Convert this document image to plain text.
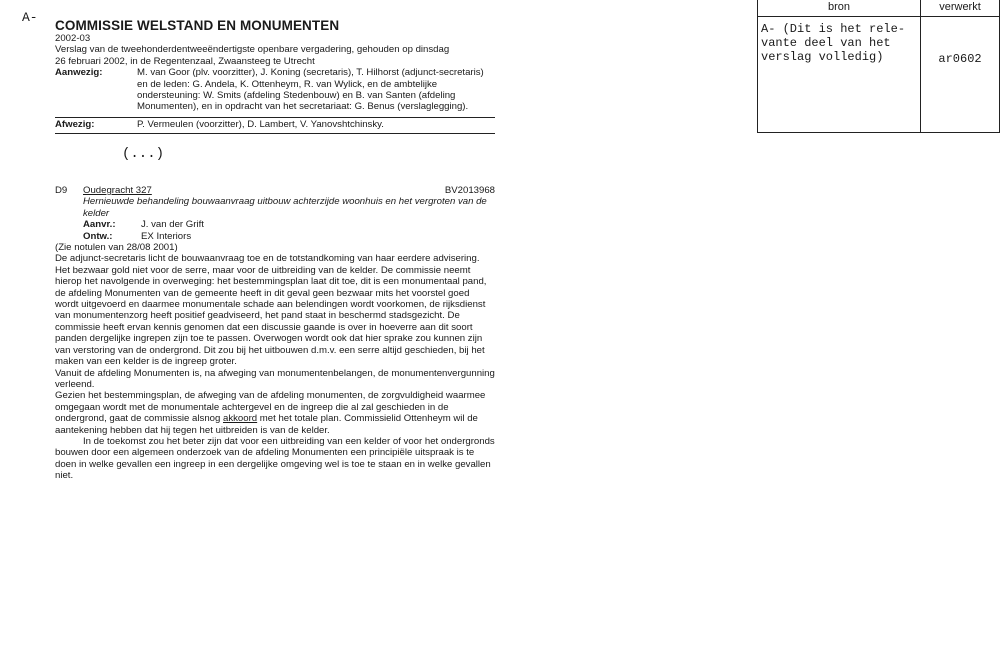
A-
COMMISSIE WELSTAND EN MONUMENTEN
2002-03
Verslag van de tweehonderdentweeëndertigste openbare vergadering, gehouden op dinsdag
26 februari 2002, in de Regentenzaal, Zwaansteeg te Utrecht
Aanwezig:	M. van Goor (plv. voorzitter), J. Koning (secretaris), T. Hilhorst (adjunct-secretaris) en de leden: G. Andela, K. Ottenheym, R. van Wylick, en de ambtelijke ondersteuning: W. Smits (afdeling Stedenbouw) en B. van Santen (afdeling Monumenten), en in opdracht van het secretariaat: G. Benus (verslaglegging).
Afwezig:	P. Vermeulen (voorzitter), D. Lambert, V. Yanovshtchinsky.
(...)
D9	Oudegracht 327	BV2013968
Hernieuwde behandeling bouwaanvraag uitbouw achterzijde woonhuis en het vergroten van de kelder
Aanvr.:	J. van der Grift
Ontw.:	EX Interiors

(Zie notulen van 28/08 2001)

De adjunct-secretaris licht de bouwaanvraag toe en de totstandkoming van haar eerdere advisering. Het bezwaar gold niet voor de serre, maar voor de uitbreiding van de kelder. De commissie neemt hierop het navolgende in overweging: het bestemmingsplan laat dit toe, dit is een monumentaal pand, de afdeling Monumenten van de gemeente heeft in dit geval geen bezwaar mits het voorstel goed wordt uitgevoerd en daarmee monumentale schade aan belendingen wordt voorkomen, de rijksdienst van monumentenzorg heeft positief geadviseerd, het pand staat in beschermd stadsgezicht. De commissie heeft ervan kennis genomen dat een discussie gaande is over in hoeverre aan dit soort panden dergelijke ingrepen zijn toe te passen. Overwogen wordt ook dat hier sprake zou kunnen zijn van verstoring van de ondergrond. Dit zou bij het uitbouwen d.m.v. een serre altijd geschieden, bij het maken van een kelder is de ingreep groter.

Vanuit de afdeling Monumenten is, na afweging van monumentenbelangen, de monumentenvergunning verleend.

Gezien het bestemmingsplan, de afweging van de afdeling monumenten, de zorgvuldigheid waarmee omgegaan wordt met de monumentale achtergevel en de ingreep die al zal geschieden in de ondergrond, gaat de commissie alsnog akkoord met het totale plan. Commissielid Ottenheym wil de aantekening hebben dat hij tegen het uitbreiden is van de kelder.

In de toekomst zou het beter zijn dat voor een uitbreiding van een kelder of voor het ondergronds bouwen door een algemeen onderzoek van de afdeling Monumenten een principiële uitspraak is te doen in welke gevallen een ingreep in een dergelijke omgeving wel is toe te staan en in welke gevallen niet.

bron	verwerkt
A- (Dit is het rele-
vante deel van het
verslag volledig)	ar0602
